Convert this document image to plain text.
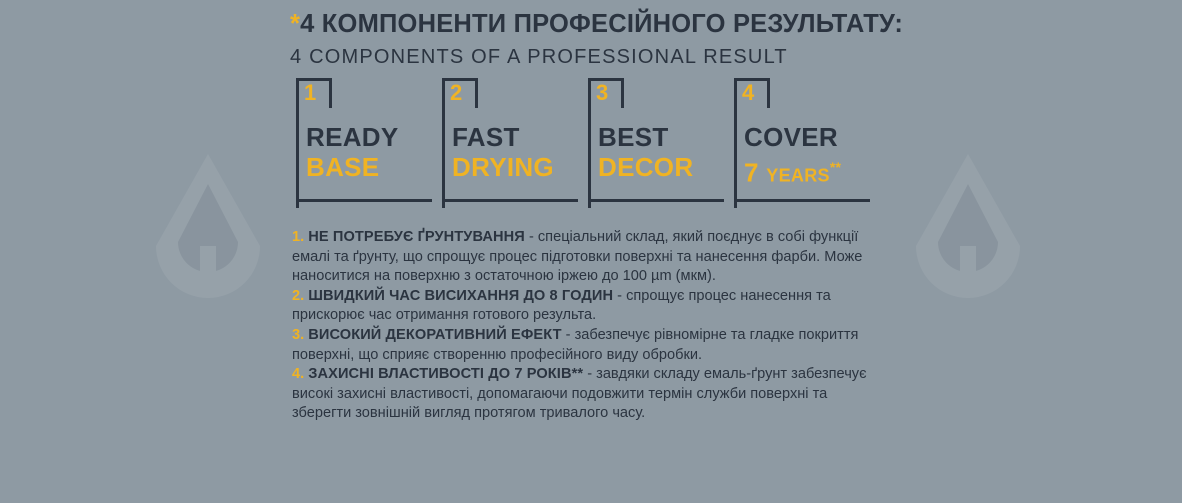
*4 КОМПОНЕНТИ ПРОФЕСІЙНОГО РЕЗУЛЬТАТУ:
4 COMPONENTS OF A PROFESSIONAL RESULT
1
READY
BASE
2
FAST
DRYING
3
BEST
DECOR
4
COVER
7 YEARS**
1. НЕ ПОТРЕБУЄ ҐРУНТУВАННЯ - спеціальний склад, який поєднує в собі функції емалі та ґрунту, що спрощує процес підготовки поверхні та нанесення фарби. Може наноситися на поверхню з остаточною іржею до 100 µm (мкм).
2. ШВИДКИЙ ЧАС ВИСИХАННЯ ДО 8 ГОДИН - спрощує процес нанесення та прискорює час отримання готового результа.
3. ВИСОКИЙ ДЕКОРАТИВНИЙ ЕФЕКТ - забезпечує рівномірне та гладке покриття поверхні, що сприяє створенню професійного виду обробки.
4. ЗАХИСНІ ВЛАСТИВОСТІ ДО 7 РОКІВ** - завдяки складу емаль-ґрунт забезпечує високі захисні властивості, допомагаючи подовжити термін служби поверхні та зберегти зовнішній вигляд протягом тривалого часу.
